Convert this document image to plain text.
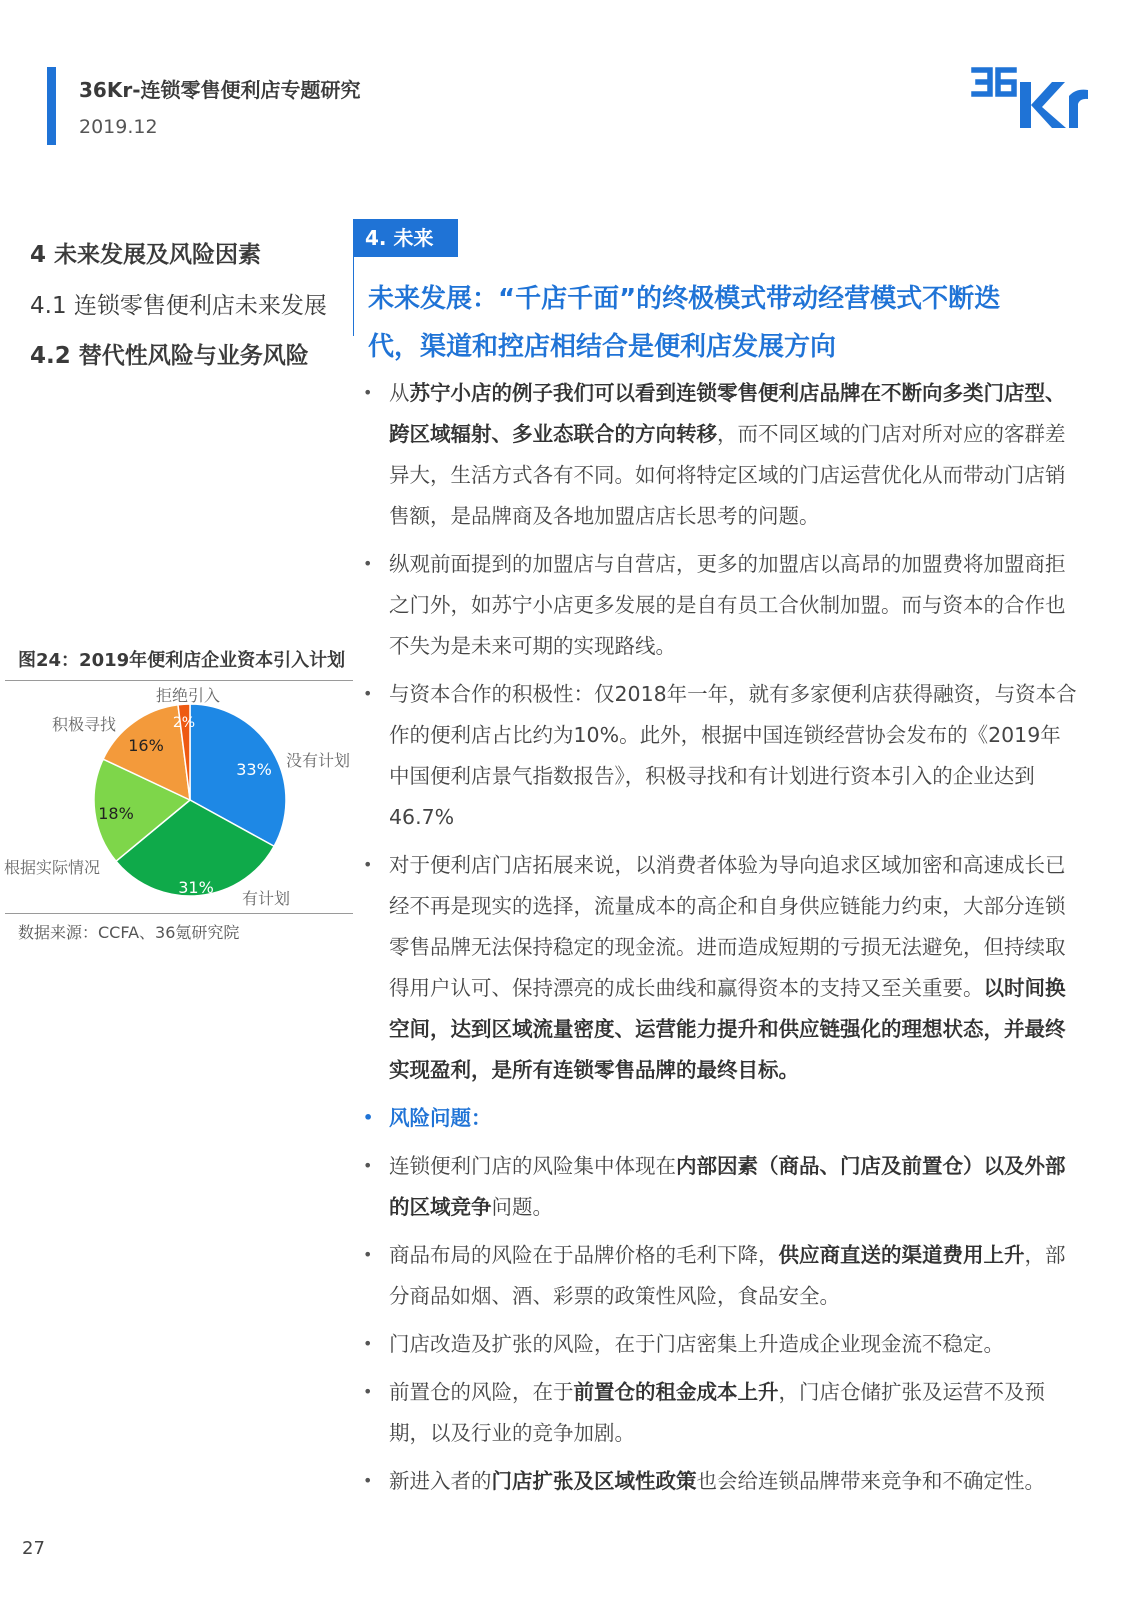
36Kr-连锁零售便利店专题研究
2019.12
4 未来发展及风险因素
4.1 连锁零售便利店未来发展
4.2 替代性风险与业务风险
4. 未来
未来发展：“千店千面”的终极模式带动经营模式不断迭
代，渠道和控店相结合是便利店发展方向
• 从苏宁小店的例子我们可以看到连锁零售便利店品牌在不断向多类门店型、跨区域辐射、多业态联合的方向转移，而不同区域的门店对所对应的客群差异大，生活方式各有不同。如何将特定区域的门店运营优化从而带动门店销售额，是品牌商及各地加盟店店长思考的问题。
• 纵观前面提到的加盟店与自营店，更多的加盟店以高昂的加盟费将加盟商拒之门外，如苏宁小店更多发展的是自有员工合伙制加盟。而与资本的合作也不失为是未来可期的实现路线。
• 与资本合作的积极性：仅2018年一年，就有多家便利店获得融资，与资本合作的便利店占比约为10%。此外，根据中国连锁经营协会发布的《2019年中国便利店景气指数报告》，积极寻找和有计划进行资本引入的企业达到46.7%
• 对于便利店门店拓展来说，以消费者体验为导向追求区域加密和高速成长已经不再是现实的选择，流量成本的高企和自身供应链能力约束，大部分连锁零售品牌无法保持稳定的现金流。进而造成短期的亏损无法避免，但持续取得用户认可、保持漂亮的成长曲线和赢得资本的支持又至关重要。以时间换空间，达到区域流量密度、运营能力提升和供应链强化的理想状态，并最终实现盈利，是所有连锁零售品牌的最终目标。
• 风险问题：
• 连锁便利门店的风险集中体现在内部因素（商品、门店及前置仓）以及外部的区域竞争问题。
• 商品布局的风险在于品牌价格的毛利下降，供应商直送的渠道费用上升，部分商品如烟、酒、彩票的政策性风险，食品安全。
• 门店改造及扩张的风险，在于门店密集上升造成企业现金流不稳定。
• 前置仓的风险，在于前置仓的租金成本上升，门店仓储扩张及运营不及预期，以及行业的竞争加剧。
• 新进入者的门店扩张及区域性政策也会给连锁品牌带来竞争和不确定性。
图24：2019年便利店企业资本引入计划
33%
31%
18%
16%
2%
没有计划
有计划
根据实际情况
积极寻找
拒绝引入
数据来源：CCFA、36氪研究院
27
